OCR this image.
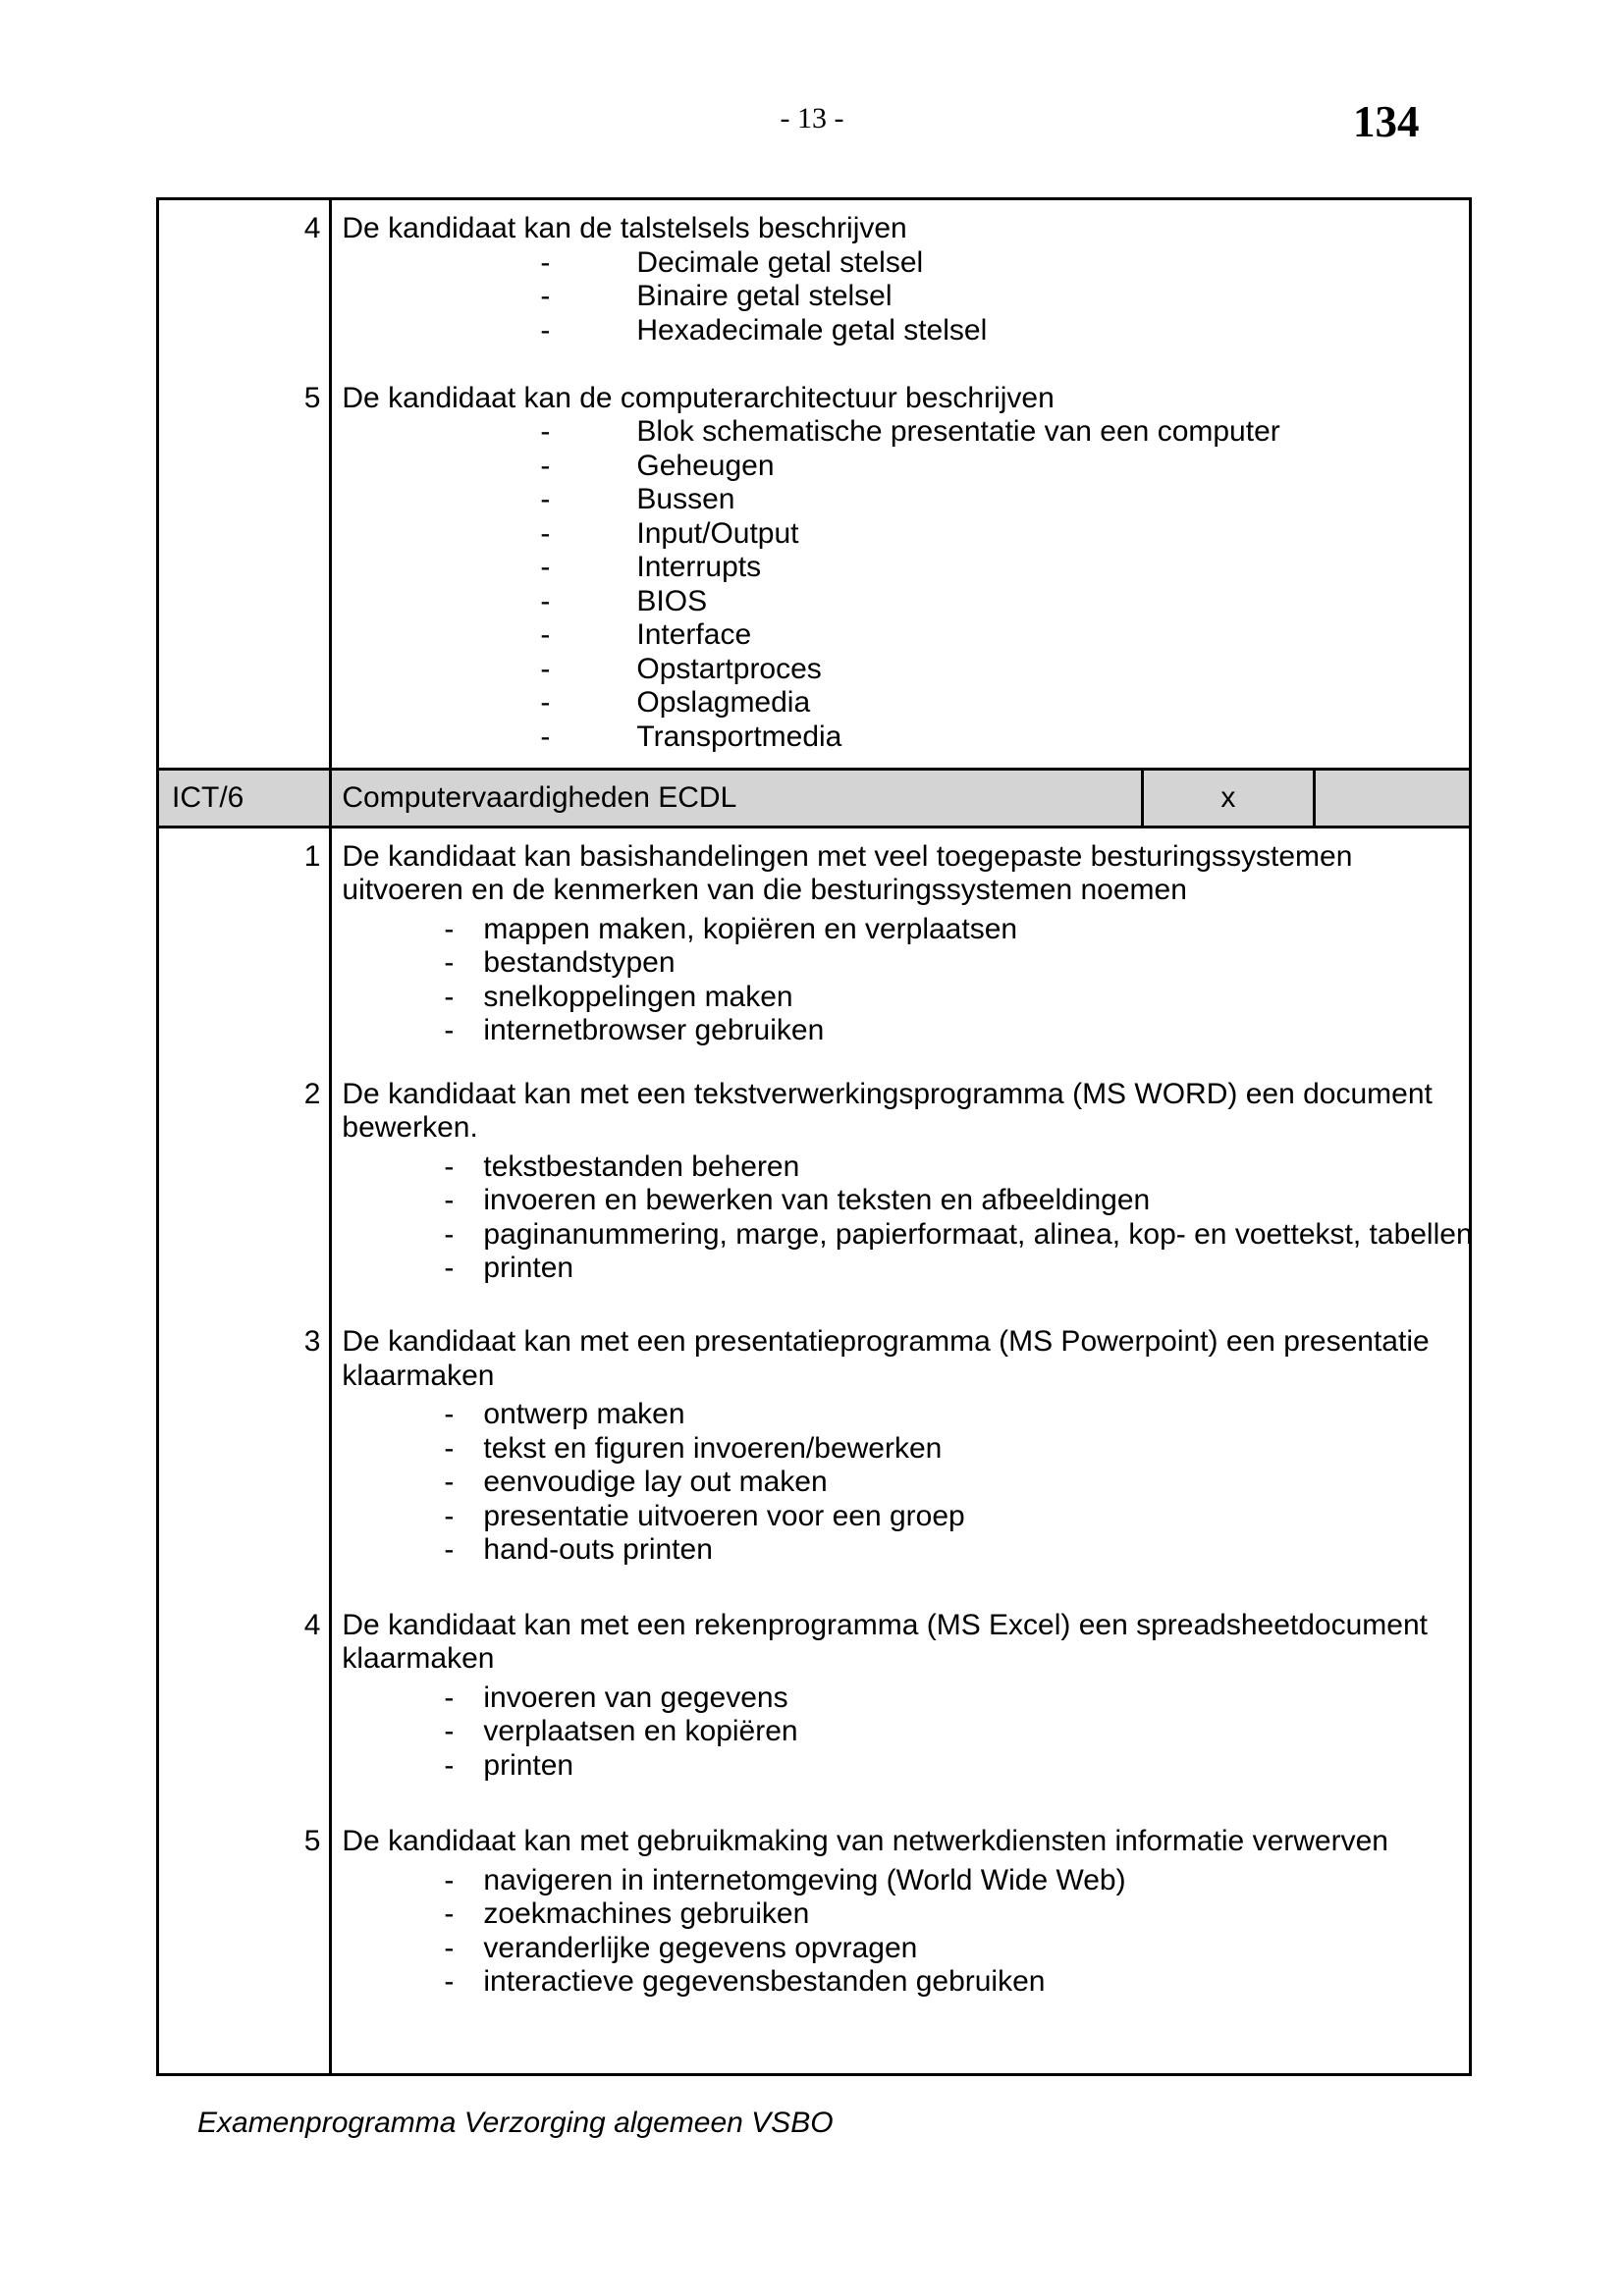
- 13 -	134
4	De kandidaat kan de talstelsels beschrijven
-	Decimale getal stelsel
-	Binaire getal stelsel
-	Hexadecimale getal stelsel

5	De kandidaat kan de computerarchitectuur beschrijven
-	Blok schematische presentatie van een computer
-	Geheugen
-	Bussen
-	Input/Output
-	Interrupts
-	BIOS
-	Interface
-	Opstartproces
-	Opslagmedia
-	Transportmedia

ICT/6	Computervaardigheden ECDL	x	
1	De kandidaat kan basishandelingen met veel toegepaste besturingssystemen
uitvoeren en de kenmerken van die besturingssystemen noemen
-	mappen maken, kopiëren en verplaatsen
-	bestandstypen
-	snelkoppelingen maken
-	internetbrowser gebruiken

2	De kandidaat kan met een tekstverwerkingsprogramma (MS WORD) een document
bewerken.
-	tekstbestanden beheren
-	invoeren en bewerken van teksten en afbeeldingen
-	paginanummering, marge, papierformaat, alinea, kop- en voettekst, tabellen
-	printen

3	De kandidaat kan met een presentatieprogramma (MS Powerpoint) een presentatie
klaarmaken
-	ontwerp maken
-	tekst en figuren invoeren/bewerken
-	eenvoudige lay out maken
-	presentatie uitvoeren voor een groep
-	hand-outs printen

4	De kandidaat kan met een rekenprogramma (MS Excel) een spreadsheetdocument
klaarmaken
-	invoeren van gegevens
-	verplaatsen en kopiëren
-	printen

5	De kandidaat kan met gebruikmaking van netwerkdiensten informatie verwerven
-	navigeren in internetomgeving (World Wide Web)
-	zoekmachines gebruiken
-	veranderlijke gegevens opvragen
-	interactieve gegevensbestanden gebruiken
Examenprogramma Verzorging algemeen VSBO
